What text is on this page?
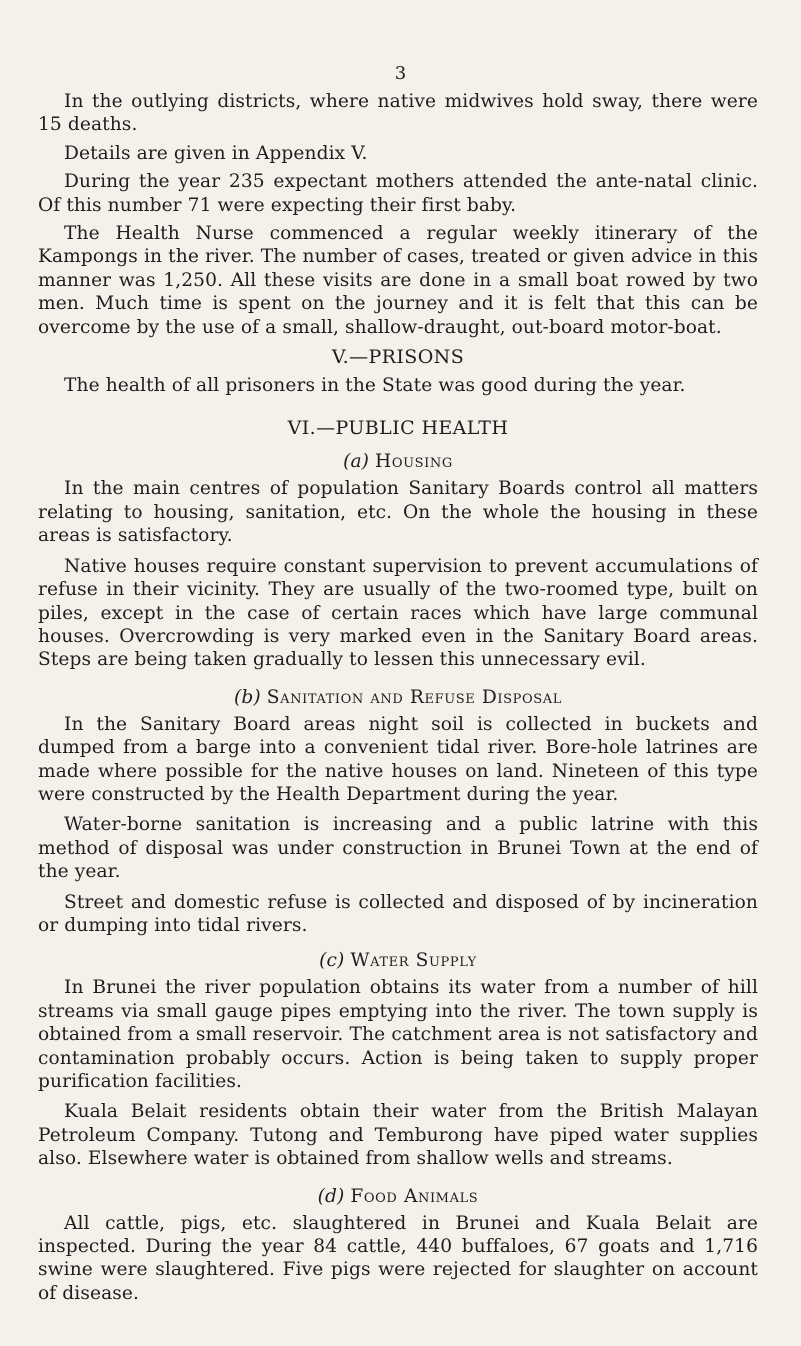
3

In the outlying districts, where native midwives hold sway, there were 15 deaths.

Details are given in Appendix V.

During the year 235 expectant mothers attended the ante-natal clinic. Of this number 71 were expecting their first baby.

The Health Nurse commenced a regular weekly itinerary of the Kampongs in the river. The number of cases, treated or given advice in this manner was 1,250. All these visits are done in a small boat rowed by two men. Much time is spent on the journey and it is felt that this can be overcome by the use of a small, shallow-draught, out-board motor-boat.

V.—PRISONS

The health of all prisoners in the State was good during the year.

VI.—PUBLIC HEALTH
(a) Housing

In the main centres of population Sanitary Boards control all matters relating to housing, sanitation, etc. On the whole the housing in these areas is satisfactory.

Native houses require constant supervision to prevent accumulations of refuse in their vicinity. They are usually of the two-roomed type, built on piles, except in the case of certain races which have large communal houses. Overcrowding is very marked even in the Sanitary Board areas. Steps are being taken gradually to lessen this unnecessary evil.

(b) Sanitation and Refuse Disposal

In the Sanitary Board areas night soil is collected in buckets and dumped from a barge into a convenient tidal river. Bore-hole latrines are made where possible for the native houses on land. Nineteen of this type were constructed by the Health Department during the year.

Water-borne sanitation is increasing and a public latrine with this method of disposal was under construction in Brunei Town at the end of the year.

Street and domestic refuse is collected and disposed of by incineration or dumping into tidal rivers.

(c) Water Supply

In Brunei the river population obtains its water from a number of hill streams via small gauge pipes emptying into the river. The town supply is obtained from a small reservoir. The catchment area is not satisfactory and contamination probably occurs. Action is being taken to supply proper purification facilities.

Kuala Belait residents obtain their water from the British Malayan Petroleum Company. Tutong and Temburong have piped water supplies also. Elsewhere water is obtained from shallow wells and streams.

(d) Food Animals

All cattle, pigs, etc. slaughtered in Brunei and Kuala Belait are inspected. During the year 84 cattle, 440 buffaloes, 67 goats and 1,716 swine were slaughtered. Five pigs were rejected for slaughter on account of disease.
